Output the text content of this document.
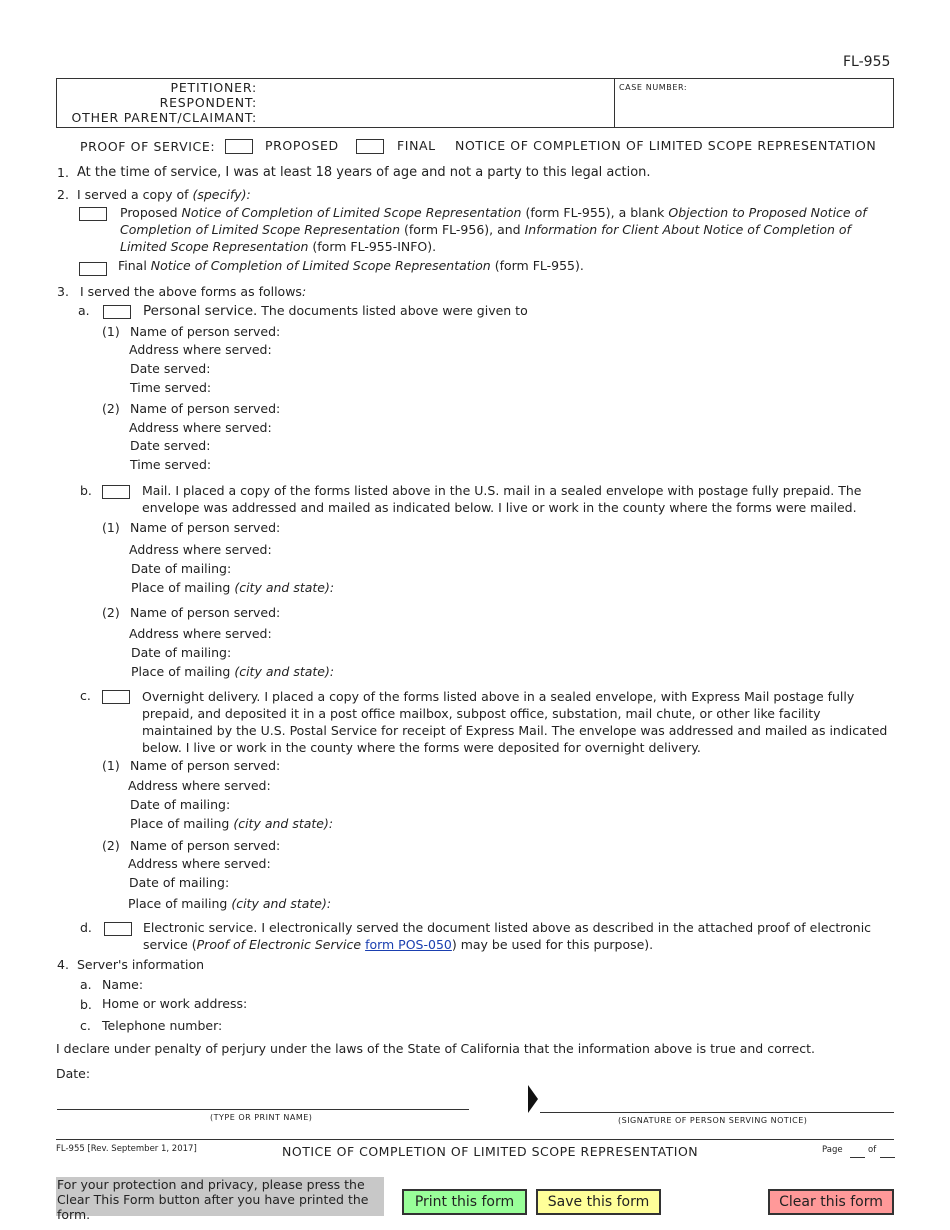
FL-955
PETITIONER:
RESPONDENT:
OTHER PARENT/CLAIMANT:
CASE NUMBER:
PROOF OF SERVICE:	PROPOSED	FINAL NOTICE OF COMPLETION OF LIMITED SCOPE REPRESENTATION
1. At the time of service, I was at least 18 years of age and not a party to this legal action.
2. I served a copy of (specify):
Proposed Notice of Completion of Limited Scope Representation (form FL-955), a blank Objection to Proposed Notice of Completion of Limited Scope Representation (form FL-956), and Information for Client About Notice of Completion of Limited Scope Representation (form FL-955-INFO).
Final Notice of Completion of Limited Scope Representation (form FL-955).
3. I served the above forms as follows:
a.	Personal service. The documents listed above were given to
(1) Name of person served:
Address where served:
Date served:
Time served:
(2) Name of person served:
Address where served:
Date served:
Time served:
b.	Mail. I placed a copy of the forms listed above in the U.S. mail in a sealed envelope with postage fully prepaid. The envelope was addressed and mailed as indicated below. I live or work in the county where the forms were mailed.
(1) Name of person served:
Address where served:
Date of mailing:
Place of mailing (city and state):
(2) Name of person served:
Address where served:
Date of mailing:
Place of mailing (city and state):
c.	Overnight delivery. I placed a copy of the forms listed above in a sealed envelope, with Express Mail postage fully prepaid, and deposited it in a post office mailbox, subpost office, substation, mail chute, or other like facility maintained by the U.S. Postal Service for receipt of Express Mail. The envelope was addressed and mailed as indicated below. I live or work in the county where the forms were deposited for overnight delivery.
(1) Name of person served:
Address where served:
Date of mailing:
Place of mailing (city and state):
(2) Name of person served:
Address where served:
Date of mailing:
Place of mailing (city and state):
d.	Electronic service. I electronically served the document listed above as described in the attached proof of electronic service (Proof of Electronic Service form POS-050) may be used for this purpose).
4. Server's information
a. Name:
b. Home or work address:
c. Telephone number:
I declare under penalty of perjury under the laws of the State of California that the information above is true and correct.
Date:
(TYPE OR PRINT NAME)	(SIGNATURE OF PERSON SERVING NOTICE)
FL-955 [Rev. September 1, 2017]	NOTICE OF COMPLETION OF LIMITED SCOPE REPRESENTATION	Page	of
For your protection and privacy, please press the Clear This Form button after you have printed the form.
Print this form	Save this form	Clear this form
